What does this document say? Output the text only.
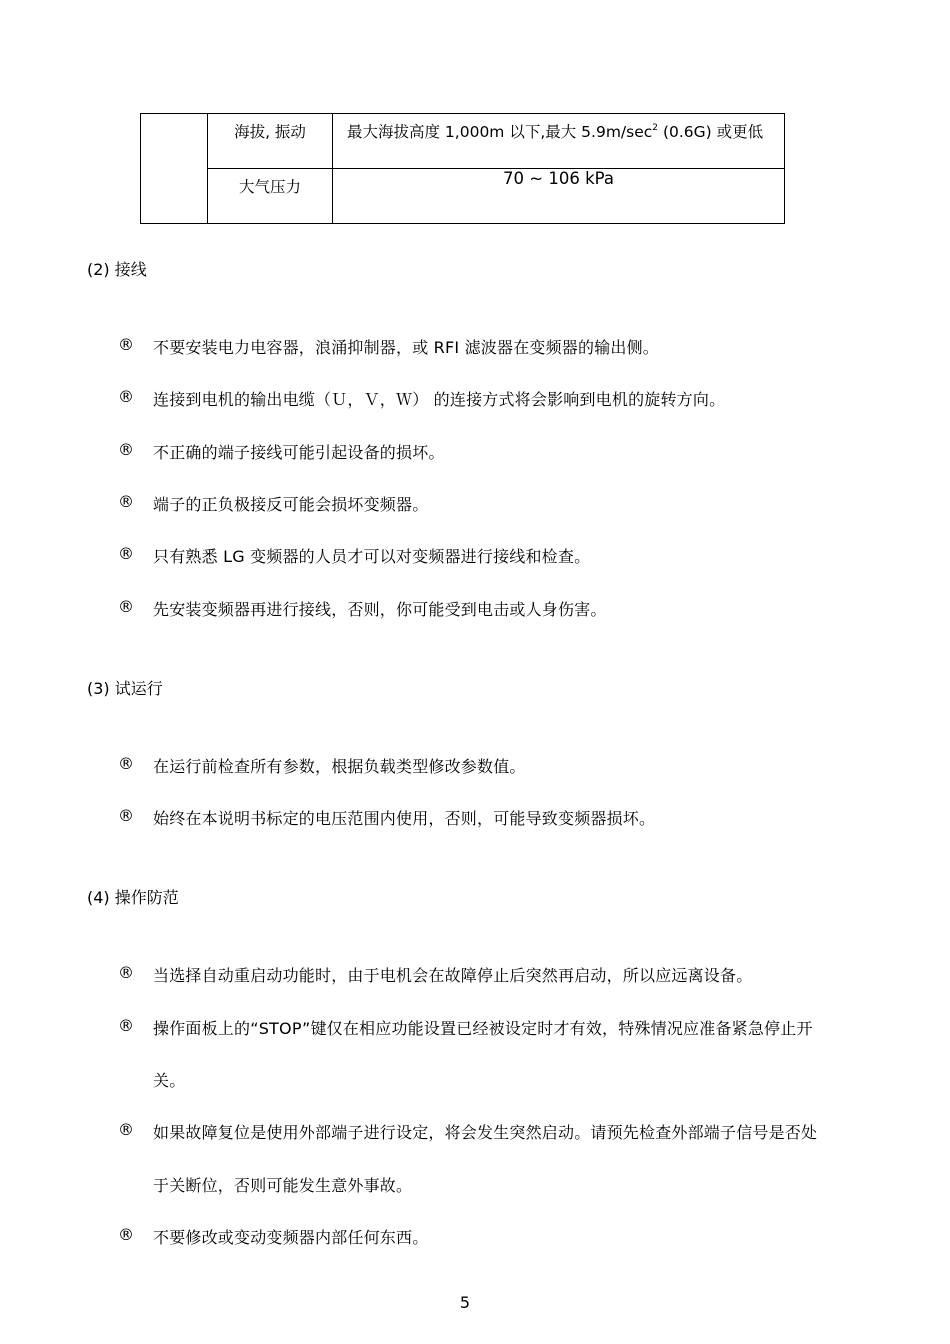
	海拔, 振动	最大海拔高度 1,000m 以下,最大 $5.9m/\sec^2$ (0.6G) 或更低
	大气压力	70 ~ 106 kPa
(2) 接线
® 不要安装电力电容器，浪涌抑制器，或 RFI 滤波器在变频器的输出侧。
® 连接到电机的输出电缆（Ｕ，Ｖ，Ｗ） 的连接方式将会影响到电机的旋转方向。
® 不正确的端子接线可能引起设备的损坏。
® 端子的正负极接反可能会损坏变频器。
® 只有熟悉 LG 变频器的人员才可以对变频器进行接线和检查。
® 先安装变频器再进行接线，否则，你可能受到电击或人身伤害。
(3) 试运行
® 在运行前检查所有参数，根据负载类型修改参数值。
® 始终在本说明书标定的电压范围内使用，否则，可能导致变频器损坏。
(4) 操作防范
® 当选择自动重启动功能时，由于电机会在故障停止后突然再启动，所以应远离设备。
® 操作面板上的“STOP”键仅在相应功能设置已经被设定时才有效，特殊情况应准备紧急停止开
关。
® 如果故障复位是使用外部端子进行设定，将会发生突然启动。请预先检查外部端子信号是否处
于关断位，否则可能发生意外事故。
® 不要修改或变动变频器内部任何东西。
5
